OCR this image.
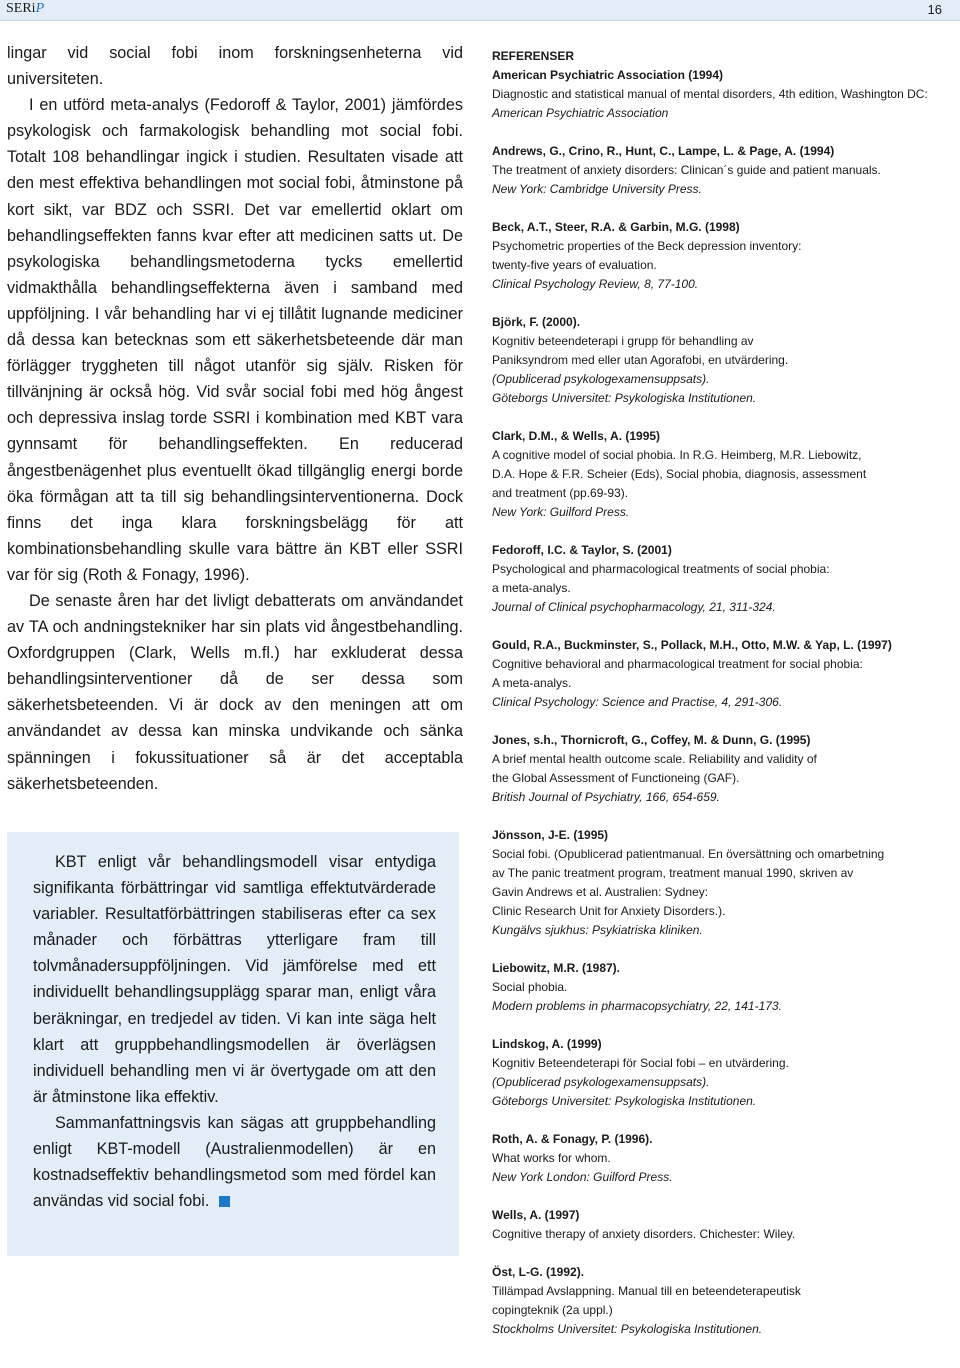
SERiP	16

lingar vid social fobi inom forskningsenheterna vid universiteten.

I en utförd meta-analys (Fedoroff & Taylor, 2001) jämfördes psykologisk och farmakologisk behandling mot social fobi. Totalt 108 behandlingar ingick i studien. Resultaten visade att den mest effektiva behandlingen mot social fobi, åtminstone på kort sikt, var BDZ och SSRI. Det var emellertid oklart om behandlingseffekten fanns kvar efter att medicinen satts ut. De psykologiska behandlingsmetoderna tycks emellertid vidmakthålla behandlingseffekterna även i samband med uppföljning. I vår behandling har vi ej tillåtit lugnande mediciner då dessa kan betecknas som ett säkerhetsbeteende där man förlägger tryggheten till något utanför sig själv. Risken för tillvänjning är också hög. Vid svår social fobi med hög ångest och depressiva inslag torde SSRI i kombination med KBT vara gynnsamt för behandlingseffekten. En reducerad ångestbenägenhet plus eventuellt ökad tillgänglig energi borde öka förmågan att ta till sig behandlingsinterventionerna. Dock finns det inga klara forskningsbelägg för att kombinationsbehandling skulle vara bättre än KBT eller SSRI var för sig (Roth & Fonagy, 1996).

De senaste åren har det livligt debatterats om användandet av TA och andningstekniker har sin plats vid ångestbehandling. Oxfordgruppen (Clark, Wells m.fl.) har exkluderat dessa behandlingsinterventioner då de ser dessa som säkerhetsbeteenden. Vi är dock av den meningen att om användandet av dessa kan minska undvikande och sänka spänningen i fokussituationer så är det acceptabla säkerhetsbeteenden.

KBT enligt vår behandlingsmodell visar entydiga signifikanta förbättringar vid samtliga effektutvärderade variabler. Resultatförbättringen stabiliseras efter ca sex månader och förbättras ytterligare fram till tolvmånadersuppföljningen. Vid jämförelse med ett individuellt behandlingsupplägg sparar man, enligt våra beräkningar, en tredjedel av tiden. Vi kan inte säga helt klart att gruppbehandlingsmodellen är överlägsen individuell behandling men vi är övertygade om att den är åtminstone lika effektiv.

Sammanfattningsvis kan sägas att gruppbehandling enligt KBT-modell (Australienmodellen) är en kostnadseffektiv behandlingsmetod som med fördel kan användas vid social fobi.

REFERENSER
American Psychiatric Association (1994)
Diagnostic and statistical manual of mental disorders, 4th edition, Washington DC:
American Psychiatric Association
Andrews, G., Crino, R., Hunt, C., Lampe, L. & Page, A. (1994)
The treatment of anxiety disorders: Clinican´s guide and patient manuals.
New York: Cambridge University Press.
Beck, A.T., Steer, R.A. & Garbin, M.G. (1998)
Psychometric properties of the Beck depression inventory:
twenty-five years of evaluation.
Clinical Psychology Review, 8, 77-100.
Björk, F. (2000).
Kognitiv beteendeterapi i grupp för behandling av
Paniksyndrom med eller utan Agorafobi, en utvärdering.
(Opublicerad psykologexamensuppsats).
Göteborgs Universitet: Psykologiska Institutionen.
Clark, D.M., & Wells, A. (1995)
A cognitive model of social phobia. In R.G. Heimberg, M.R. Liebowitz,
D.A. Hope & F.R. Scheier (Eds), Social phobia, diagnosis, assessment
and treatment (pp.69-93).
New York: Guilford Press.
Fedoroff, I.C. & Taylor, S. (2001)
Psychological and pharmacological treatments of social phobia:
a meta-analys.
Journal of Clinical psychopharmacology, 21, 311-324.
Gould, R.A., Buckminster, S., Pollack, M.H., Otto, M.W. & Yap, L. (1997)
Cognitive behavioral and pharmacological treatment for social phobia:
A meta-analys.
Clinical Psychology: Science and Practise, 4, 291-306.
Jones, s.h., Thornicroft, G., Coffey, M. & Dunn, G. (1995)
A brief mental health outcome scale. Reliability and validity of
the Global Assessment of Functioneing (GAF).
British Journal of Psychiatry, 166, 654-659.
Jönsson, J-E. (1995)
Social fobi. (Opublicerad patientmanual. En översättning och omarbetning
av The panic treatment program, treatment manual 1990, skriven av
Gavin Andrews et al. Australien: Sydney:
Clinic Research Unit for Anxiety Disorders.).
Kungälvs sjukhus: Psykiatriska kliniken.
Liebowitz, M.R. (1987).
Social phobia.
Modern problems in pharmacopsychiatry, 22, 141-173.
Lindskog, A. (1999)
Kognitiv Beteendeterapi för Social fobi – en utvärdering.
(Opublicerad psykologexamensuppsats).
Göteborgs Universitet: Psykologiska Institutionen.
Roth, A. & Fonagy, P. (1996).
What works for whom.
New York London: Guilford Press.
Wells, A. (1997)
Cognitive therapy of anxiety disorders. Chichester: Wiley.
Öst, L-G. (1992).
Tillämpad Avslappning. Manual till en beteendeterapeutisk
copingteknik (2a uppl.)
Stockholms Universitet: Psykologiska Institutionen.
